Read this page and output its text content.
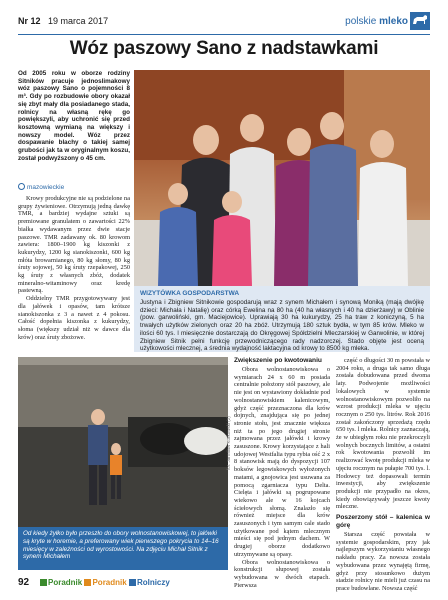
Nr 12 19 marca 2017	polskie mleko
Wóz paszowy Sano z nadstawkami
Od 2005 roku w oborze rodziny Sitników pracuje jednoslimakowy wóz paszowy Sano o pojemności 8 m³. Gdy po rozbudowie obory okazał się zbyt mały dla posiadanego stada, rolnicy na własną rękę go powiększyli, aby uchronić się przed kosztowną wymianą na większy i nowszy model. Wóz przez dospawanie blachy o takiej samej grubości jak ta w oryginalnym koszu, został podwyższony o 45 cm.
mazowieckie

Krowy produkcyjne nie są podzielone na grupy żywieniowe. Otrzymują jedną dawkę TMR, a bardziej wydajne sztuki są premiowane granulatem o zawartości 22% białka wydawanym przez dwie stacje paszowe. TMR zadawany ok. 80 krowom zawiera: 1800–1900 kg kiszonki z kukurydzy, 1200 kg sianokiszonki, 600 kg młóta browarnianego, 80 kg słomy, 80 kg śruty sojowej, 50 kg śruty rzepakowej, 250 kg śruty z własnych zbóż, dodatek mineralno-witaminowy oraz kredę pastewną.

Oddzielny TMR przygotowywany jest dla jałówek i opasów, tam krótsze sianokiszonka z 3 a nawet z 4 pokosu. Całość dopełnia kiszonka z kukurydzy, słoma (większy udział niż w dawce dla krów) oraz śruty zbożowe.

WIZYTÓWKA GOSPODARSTWA
Justyna i Zbigniew Sitnikowie gospodarują wraz z synem Michałem i synową Moniką (mają dwójkę dzieci: Michała i Natalię) oraz córką Ewelina na 80 ha (40 ha własnych i 40 ha dzierżawy) w Oblinie (pow. garwoliński, gm. Maciejowice). Uprawiają 30 ha kukurydzy, 25 ha traw z koniczyną, 5 ha trwałych użytków zielonych oraz 20 ha zbóż. Utrzymują 180 sztuk bydła, w tym 85 krów. Mleko w ilości 60 tys. l miesięcznie dostarczają do Okręgowej Spółdzielni Mleczarskiej w Garwolinie, w której Zbigniew Sitnik pełni funkcję przewodniczącego rady nadzorczej. Stado objęte jest oceną użytkowości mlecznej, a średnia wydajność laktacyjna od krowy to 8500 kg mleka.
fot. Jarosław Kurkowski (2)
Od kiedy żyłko było przeszło do obory wolnostanowiskowej, to jałówki są kryte w horemie, a preferowany wiek pierwszego pokrycia to 14–16 miesięcy w zależności od wyrostowości. Na zdjęciu Michał Sitnik z synem Michałem
Zwiększenie po kwotowaniu

Obora wolnostanowiskowa o wymiarach 24 x 60 m posiada centralnie położony stół paszowy, ale nie jest on wystawiony dokładnie pod wolnostanowiskiem kalenicowym, gdyż część przeznaczona dla krów dojnych, znajdująca się po jednej stronie stołu, jest znacznie większa niż ta po jego drugiej stronie zajmowana przez jałówki i krowy zasuszone. Krowy korzystające z hali udojowej Westfalia typu rybia ość 2 x 8 stanowisk mają do dyspozycji 107 boksów legowiskowych wyłożonych matami, a gnojowica jest usuwana za pomocą zgarniacza typu Delta. Cielęta i jałówki są pogrupowane wiekowo ale w 16 kojcach ściełowych słomą. Znalazło się również miejsce dla krów zasuszonych i tym samym cale stado użytkowane pod kątem mlecznym mieści się pod jednym dachem. W drugiej oborze dodatkowo utrzymywane są opasy.

Obora wolnostanowiskowa o konstrukcji słupowej została wybudowana w dwóch etapach. Pierwsza

część o długości 30 m powstała w 2004 roku, a druga tak samo długa została dobudowana przed dwoma laty. Podwojenie możliwości lokalowych w systemie wolnostanowiskowym pozwoliło na wzrost produkcji mleka w ujęciu rocznym o 250 tys. litrów. Rok 2016 został zakończony sprzedażą rzędu 650 tys. l mleka. Rolnicy zaznaczają, że w ubiegłym roku nie przekroczyli wolnych bocznych limitów, a ostatni rok kwotowania pozwolił im realizować kwotę produkcji mleka w ujęciu rocznym na pułapie 700 tys. l. Hodowcy też dopasowali termin inwestycji, aby zwiększenie produkcji nie przypadło na okres, kiedy obowiązywały jeszcze kwoty mleczne.

Poszerzony stół – kalenica w górę

Starsza część powstała w systemie gospodarskim, przy jak najlepszym wykorzystaniu własnego nakładu pracy. Za nowsza została wybudowana przez wynajętą firmę, gdyż przy stosunkowo dużym stadzie rolnicy nie mieli już czasu na prace budowlane. Nowsza część

92	Poradnik Poradnik Rolniczy
